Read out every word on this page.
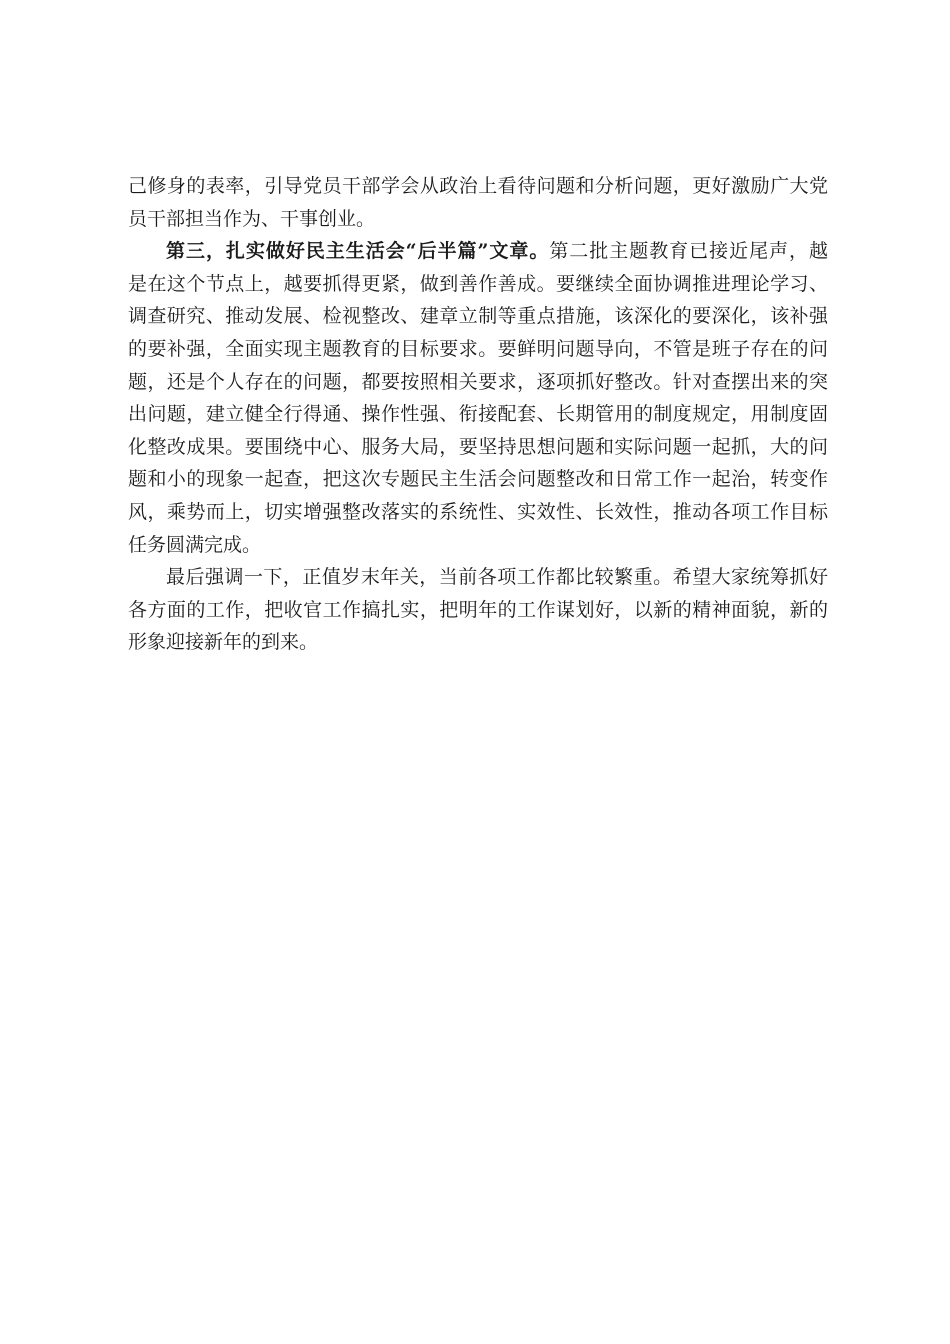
己修身的表率，引导党员干部学会从政治上看待问题和分析问题，更好激励广大党
员干部担当作为、干事创业。
第三，扎实做好民主生活会“后半篇”文章。第二批主题教育已接近尾声，越
是在这个节点上，越要抓得更紧，做到善作善成。要继续全面协调推进理论学习、
调查研究、推动发展、检视整改、建章立制等重点措施，该深化的要深化，该补强
的要补强，全面实现主题教育的目标要求。要鲜明问题导向，不管是班子存在的问
题，还是个人存在的问题，都要按照相关要求，逐项抓好整改。针对查摆出来的突
出问题，建立健全行得通、操作性强、衔接配套、长期管用的制度规定，用制度固
化整改成果。要围绕中心、服务大局，要坚持思想问题和实际问题一起抓，大的问
题和小的现象一起查，把这次专题民主生活会问题整改和日常工作一起治，转变作
风，乘势而上，切实增强整改落实的系统性、实效性、长效性，推动各项工作目标
任务圆满完成。
最后强调一下，正值岁末年关，当前各项工作都比较繁重。希望大家统筹抓好
各方面的工作，把收官工作搞扎实，把明年的工作谋划好，以新的精神面貌，新的
形象迎接新年的到来。
